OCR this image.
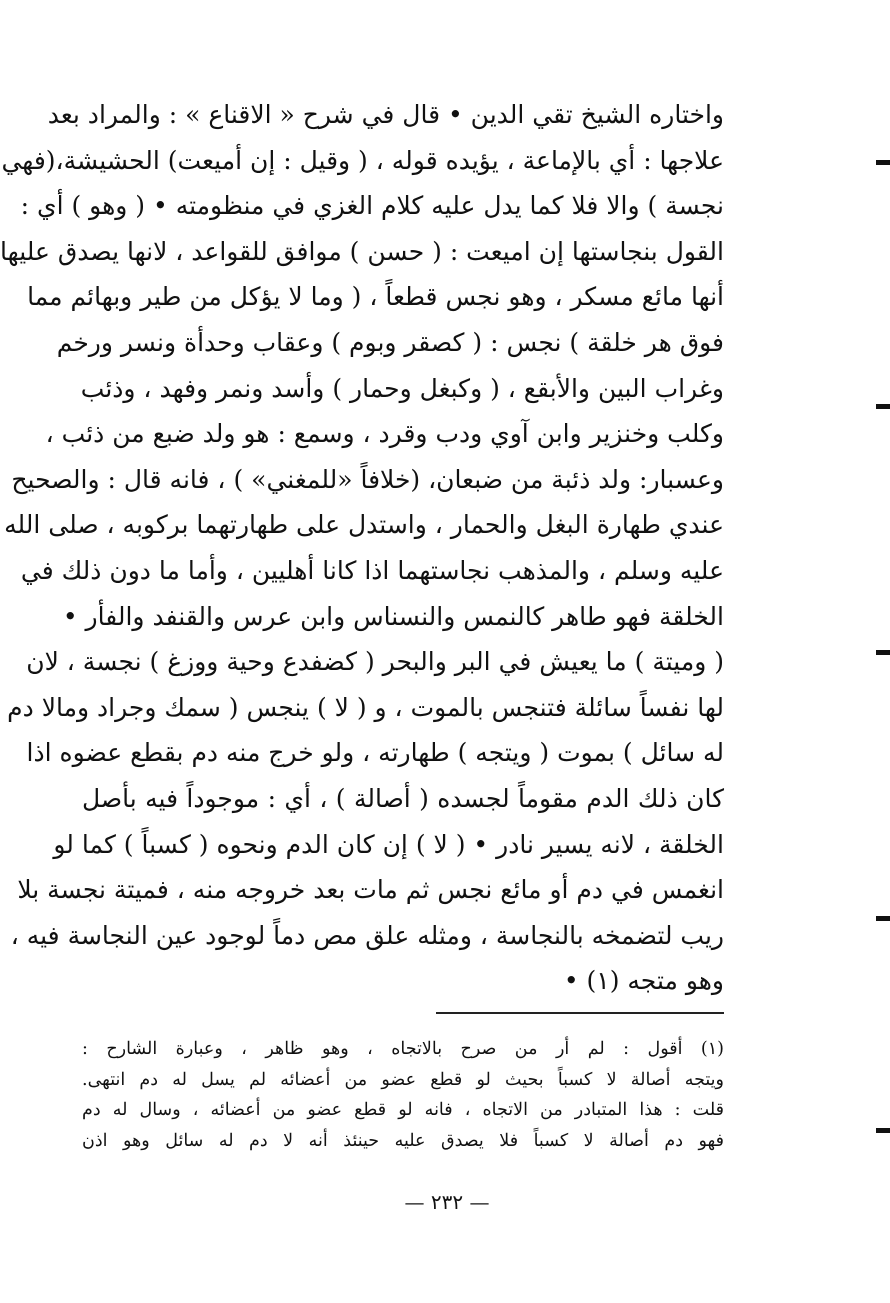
واختاره الشيخ تقي الدين • قال في شرح « الاقناع » : والمراد بعد
علاجها : أي بالإماعة ، يؤيده قوله ، ( وقيل : إن أميعت) الحشيشة،(فهي
نجسة ) والا فلا كما يدل عليه كلام الغزي في منظومته • ( وهو ) أي :
القول بنجاستها إن اميعت : ( حسن ) موافق للقواعد ، لانها يصدق عليها
أنها مائع مسكر ، وهو نجس قطعاً ، ( وما لا يؤكل من طير وبهائم مما
فوق هر خلقة ) نجس : ( كصقر وبوم ) وعقاب وحدأة ونسر ورخم
وغراب البين والأبقع ، ( وكبغل وحمار ) وأسد ونمر وفهد ، وذئب
وكلب وخنزير وابن آوي ودب وقرد ، وسمع : هو ولد ضبع من ذئب ،
وعسبار: ولد ذئبة من ضبعان، (خلافاً «للمغني» ) ، فانه قال : والصحيح
عندي طهارة البغل والحمار ، واستدل على طهارتهما بركوبه ، صلى الله
عليه وسلم ، والمذهب نجاستهما اذا كانا أهليين ، وأما ما دون ذلك في
الخلقة فهو طاهر كالنمس والنسناس وابن عرس والقنفد والفأر •
( وميتة ) ما يعيش في البر والبحر ( كضفدع وحية ووزغ ) نجسة ، لان
لها نفساً سائلة فتنجس بالموت ، و ( لا ) ينجس ( سمك وجراد ومالا دم
له سائل ) بموت ( ويتجه ) طهارته ، ولو خرج منه دم بقطع عضوه اذا
كان ذلك الدم مقوماً لجسده ( أصالة ) ، أي : موجوداً فيه بأصل
الخلقة ، لانه يسير نادر • ( لا ) إن كان الدم ونحوه ( كسباً ) كما لو
انغمس في دم أو مائع نجس ثم مات بعد خروجه منه ، فميتة نجسة بلا
ريب لتضمخه بالنجاسة ، ومثله علق مص دماً لوجود عين النجاسة فيه ،
وهو متجه (١) •
(١) أقول : لم أر من صرح بالاتجاه ، وهو ظاهر ، وعبارة الشارح :
ويتجه أصالة لا كسباً بحيث لو قطع عضو من أعضائه لم يسل له دم انتهى.
قلت : هذا المتبادر من الاتجاه ، فانه لو قطع عضو من أعضائه ، وسال له دم
فهو دم أصالة لا كسباً فلا يصدق عليه حينئذ أنه لا دم له سائل وهو اذن
— ٢٣٢ —
